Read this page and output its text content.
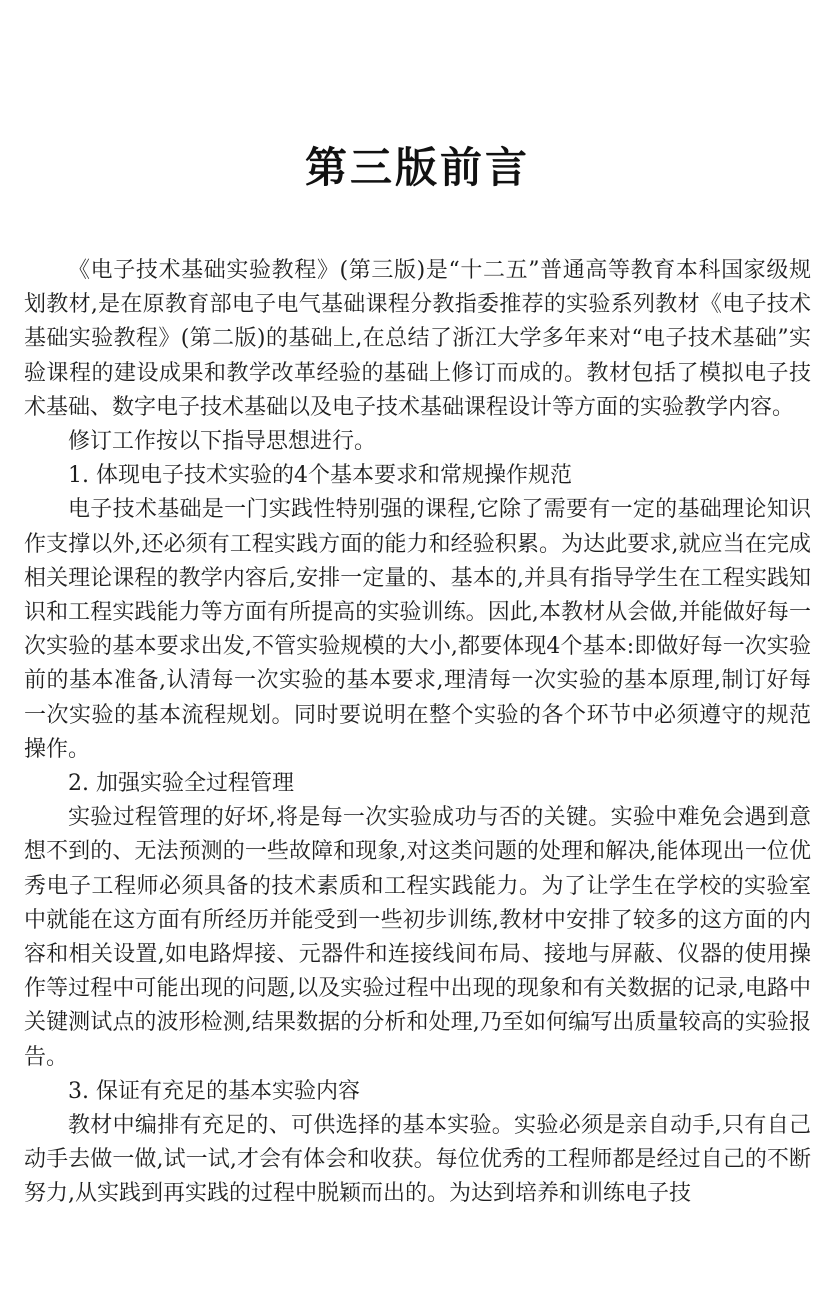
第三版前言

《电子技术基础实验教程》(第三版)是“十二五”普通高等教育本科国家级规划教材,是在原教育部电子电气基础课程分教指委推荐的实验系列教材《电子技术基础实验教程》(第二版)的基础上,在总结了浙江大学多年来对“电子技术基础”实验课程的建设成果和教学改革经验的基础上修订而成的。教材包括了模拟电子技术基础、数字电子技术基础以及电子技术基础课程设计等方面的实验教学内容。

修订工作按以下指导思想进行。

1. 体现电子技术实验的4个基本要求和常规操作规范

电子技术基础是一门实践性特别强的课程,它除了需要有一定的基础理论知识作支撑以外,还必须有工程实践方面的能力和经验积累。为达此要求,就应当在完成相关理论课程的教学内容后,安排一定量的、基本的,并具有指导学生在工程实践知识和工程实践能力等方面有所提高的实验训练。因此,本教材从会做,并能做好每一次实验的基本要求出发,不管实验规模的大小,都要体现4个基本:即做好每一次实验前的基本准备,认清每一次实验的基本要求,理清每一次实验的基本原理,制订好每一次实验的基本流程规划。同时要说明在整个实验的各个环节中必须遵守的规范操作。

2. 加强实验全过程管理

实验过程管理的好坏,将是每一次实验成功与否的关键。实验中难免会遇到意想不到的、无法预测的一些故障和现象,对这类问题的处理和解决,能体现出一位优秀电子工程师必须具备的技术素质和工程实践能力。为了让学生在学校的实验室中就能在这方面有所经历并能受到一些初步训练,教材中安排了较多的这方面的内容和相关设置,如电路焊接、元器件和连接线间布局、接地与屏蔽、仪器的使用操作等过程中可能出现的问题,以及实验过程中出现的现象和有关数据的记录,电路中关键测试点的波形检测,结果数据的分析和处理,乃至如何编写出质量较高的实验报告。

3. 保证有充足的基本实验内容

教材中编排有充足的、可供选择的基本实验。实验必须是亲自动手,只有自己动手去做一做,试一试,才会有体会和收获。每位优秀的工程师都是经过自己的不断努力,从实践到再实践的过程中脱颖而出的。为达到培养和训练电子技
